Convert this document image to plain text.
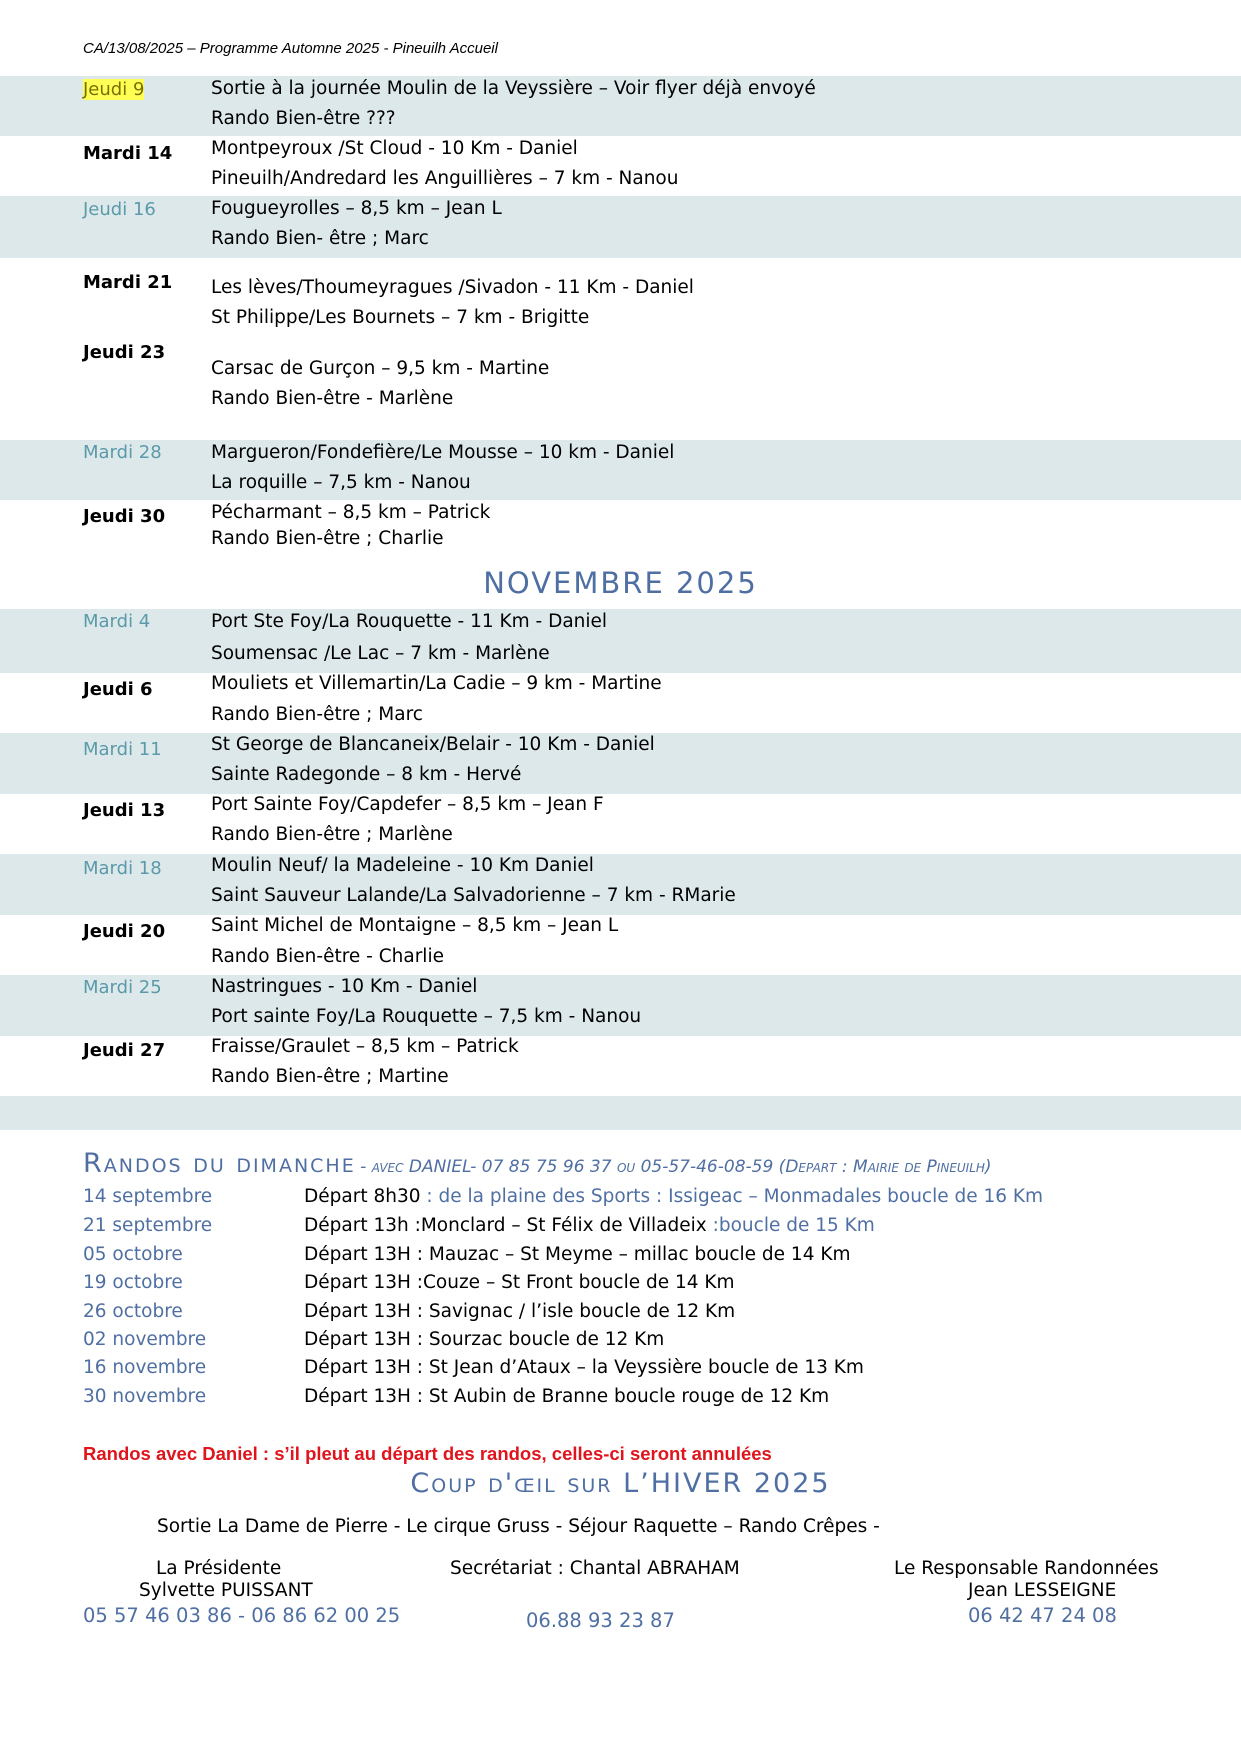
CA/13/08/2025 – Programme Automne 2025 - Pineuilh Accueil
Jeudi 9	Sortie à la journée Moulin de la Veyssière – Voir flyer déjà envoyé
Rando Bien-être ???
Mardi 14 Montpeyroux /St Cloud - 10 Km - Daniel
Pineuilh/Andredard les Anguillières – 7 km - Nanou
Jeudi 16	Fougueyrolles – 8,5 km – Jean L
Rando Bien- être ; Marc
Mardi 21 Les lèves/Thoumeyragues /Sivadon - 11 Km - Daniel
St Philippe/Les Bournets – 7 km - Brigitte
Jeudi 23
Carsac de Gurçon – 9,5 km - Martine
Rando Bien-être - Marlène
Mardi 28	Margueron/Fondefière/Le Mousse – 10 km - Daniel
La roquille – 7,5 km - Nanou
Jeudi 30 Pécharmant – 8,5 km – Patrick
Rando Bien-être ; Charlie
NOVEMBRE 2025
Mardi 4	Port Ste Foy/La Rouquette - 11 Km - Daniel
Soumensac /Le Lac – 7 km - Marlène
Jeudi 6	Mouliets et Villemartin/La Cadie – 9 km - Martine
Rando Bien-être ; Marc
Mardi 11	St George de Blancaneix/Belair - 10 Km - Daniel
Sainte Radegonde – 8 km - Hervé
Jeudi 13 Port Sainte Foy/Capdefer – 8,5 km – Jean F
Rando Bien-être ; Marlène
Mardi 18	Moulin Neuf/ la Madeleine - 10 Km Daniel
Saint Sauveur Lalande/La Salvadorienne – 7 km - RMarie
Jeudi 20 Saint Michel de Montaigne – 8,5 km – Jean L
Rando Bien-être - Charlie
Mardi 25	Nastringues - 10 Km - Daniel
Port sainte Foy/La Rouquette – 7,5 km - Nanou
Jeudi 27 Fraisse/Graulet – 8,5 km – Patrick
Rando Bien-être ; Martine
Randos du dimanche - avec DANIEL- 07 85 75 96 37 ou 05-57-46-08-59 (Depart : Mairie de Pineuilh)
14 septembre	Départ 8h30 : de la plaine des Sports : Issigeac – Monmadales boucle de 16 Km
21 septembre	Départ 13h :Monclard – St Félix de Villadeix :boucle de 15 Km
05 octobre	Départ 13H : Mauzac – St Meyme – millac boucle de 14 Km
19 octobre	Départ 13H :Couze – St Front boucle de 14 Km
26 octobre	Départ 13H : Savignac / l’isle boucle de 12 Km
02 novembre	Départ 13H : Sourzac boucle de 12 Km
16 novembre	Départ 13H : St Jean d’Ataux – la Veyssière boucle de 13 Km
30 novembre	Départ 13H : St Aubin de Branne boucle rouge de 12 Km
Randos avec Daniel : s’il pleut au départ des randos, celles-ci seront annulées
Coup d'œil sur L’HIVER 2025
Sortie La Dame de Pierre - Le cirque Gruss - Séjour Raquette – Rando Crêpes -
La Présidente
Sylvette PUISSANT
05 57 46 03 86 - 06 86 62 00 25
Secrétariat : Chantal ABRAHAM
06.88 93 23 87
Le Responsable Randonnées
Jean LESSEIGNE
06 42 47 24 08
